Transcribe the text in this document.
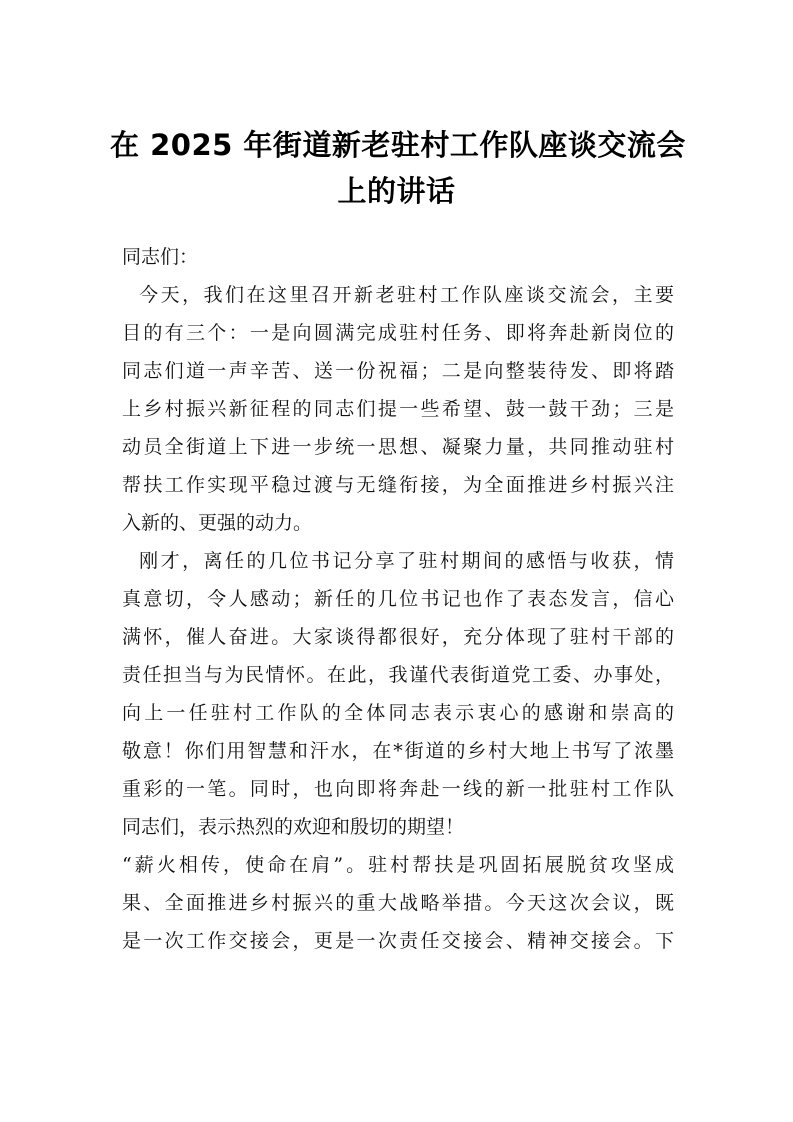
在 2025 年街道新老驻村工作队座谈交流会
上的讲话
同志们：
今天，我们在这里召开新老驻村工作队座谈交流会，主要
目的有三个：一是向圆满完成驻村任务、即将奔赴新岗位的
同志们道一声辛苦、送一份祝福；二是向整装待发、即将踏
上乡村振兴新征程的同志们提一些希望、鼓一鼓干劲；三是
动员全街道上下进一步统一思想、凝聚力量，共同推动驻村
帮扶工作实现平稳过渡与无缝衔接，为全面推进乡村振兴注
入新的、更强的动力。
刚才，离任的几位书记分享了驻村期间的感悟与收获，情
真意切，令人感动；新任的几位书记也作了表态发言，信心
满怀，催人奋进。大家谈得都很好，充分体现了驻村干部的
责任担当与为民情怀。在此，我谨代表街道党工委、办事处，
向上一任驻村工作队的全体同志表示衷心的感谢和崇高的
敬意！你们用智慧和汗水，在*街道的乡村大地上书写了浓墨
重彩的一笔。同时，也向即将奔赴一线的新一批驻村工作队
同志们，表示热烈的欢迎和殷切的期望！
“薪火相传，使命在肩”。驻村帮扶是巩固拓展脱贫攻坚成
果、全面推进乡村振兴的重大战略举措。今天这次会议，既
是一次工作交接会，更是一次责任交接会、精神交接会。下
